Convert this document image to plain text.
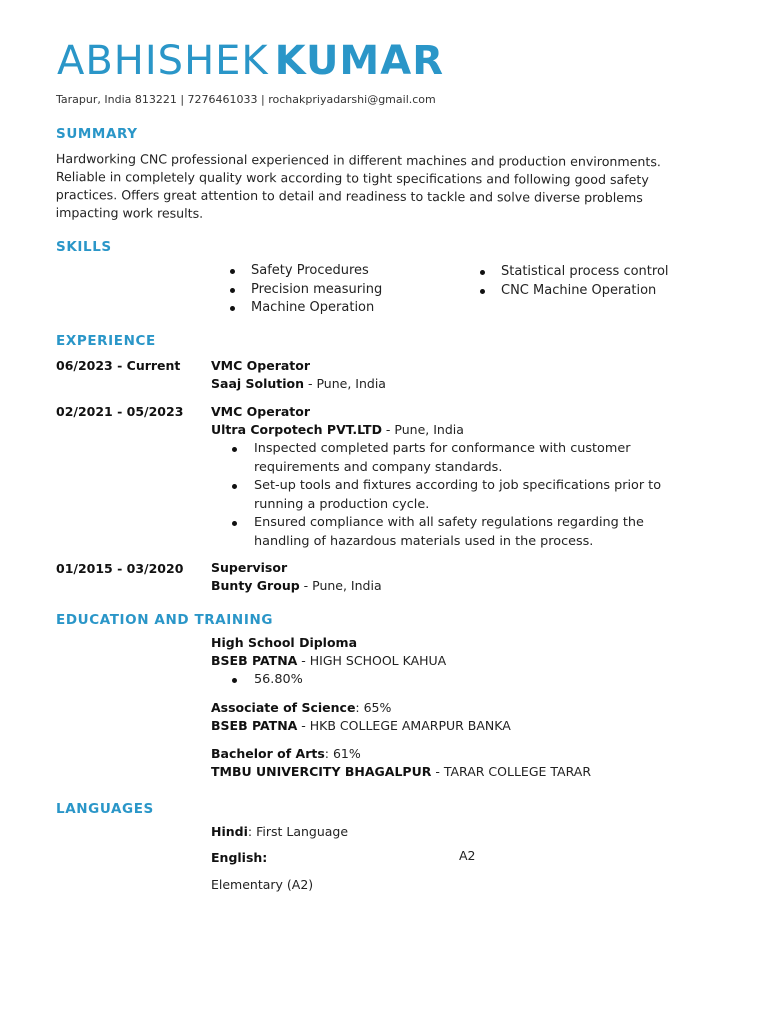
ABHISHEK KUMAR
Tarapur, India 813221 | 7276461033 | rochakpriyadarshi@gmail.com
SUMMARY
Hardworking CNC professional experienced in different machines and production environments. Reliable in completely quality work according to tight specifications and following good safety practices. Offers great attention to detail and readiness to tackle and solve diverse problems impacting work results.
SKILLS
Safety Procedures
Precision measuring
Machine Operation
Statistical process control
CNC Machine Operation
EXPERIENCE
06/2023 - Current VMC Operator
Saaj Solution - Pune, India
02/2021 - 05/2023 VMC Operator
Ultra Corpotech PVT.LTD - Pune, India
Inspected completed parts for conformance with customer requirements and company standards.
Set-up tools and fixtures according to job specifications prior to running a production cycle.
Ensured compliance with all safety regulations regarding the handling of hazardous materials used in the process.
01/2015 - 03/2020 Supervisor
Bunty Group - Pune, India
EDUCATION AND TRAINING
High School Diploma
BSEB PATNA - HIGH SCHOOL KAHUA
56.80%
Associate of Science: 65%
BSEB PATNA - HKB COLLEGE AMARPUR BANKA
Bachelor of Arts: 61%
TMBU UNIVERCITY BHAGALPUR - TARAR COLLEGE TARAR
LANGUAGES
Hindi: First Language
English:	A2
Elementary (A2)
